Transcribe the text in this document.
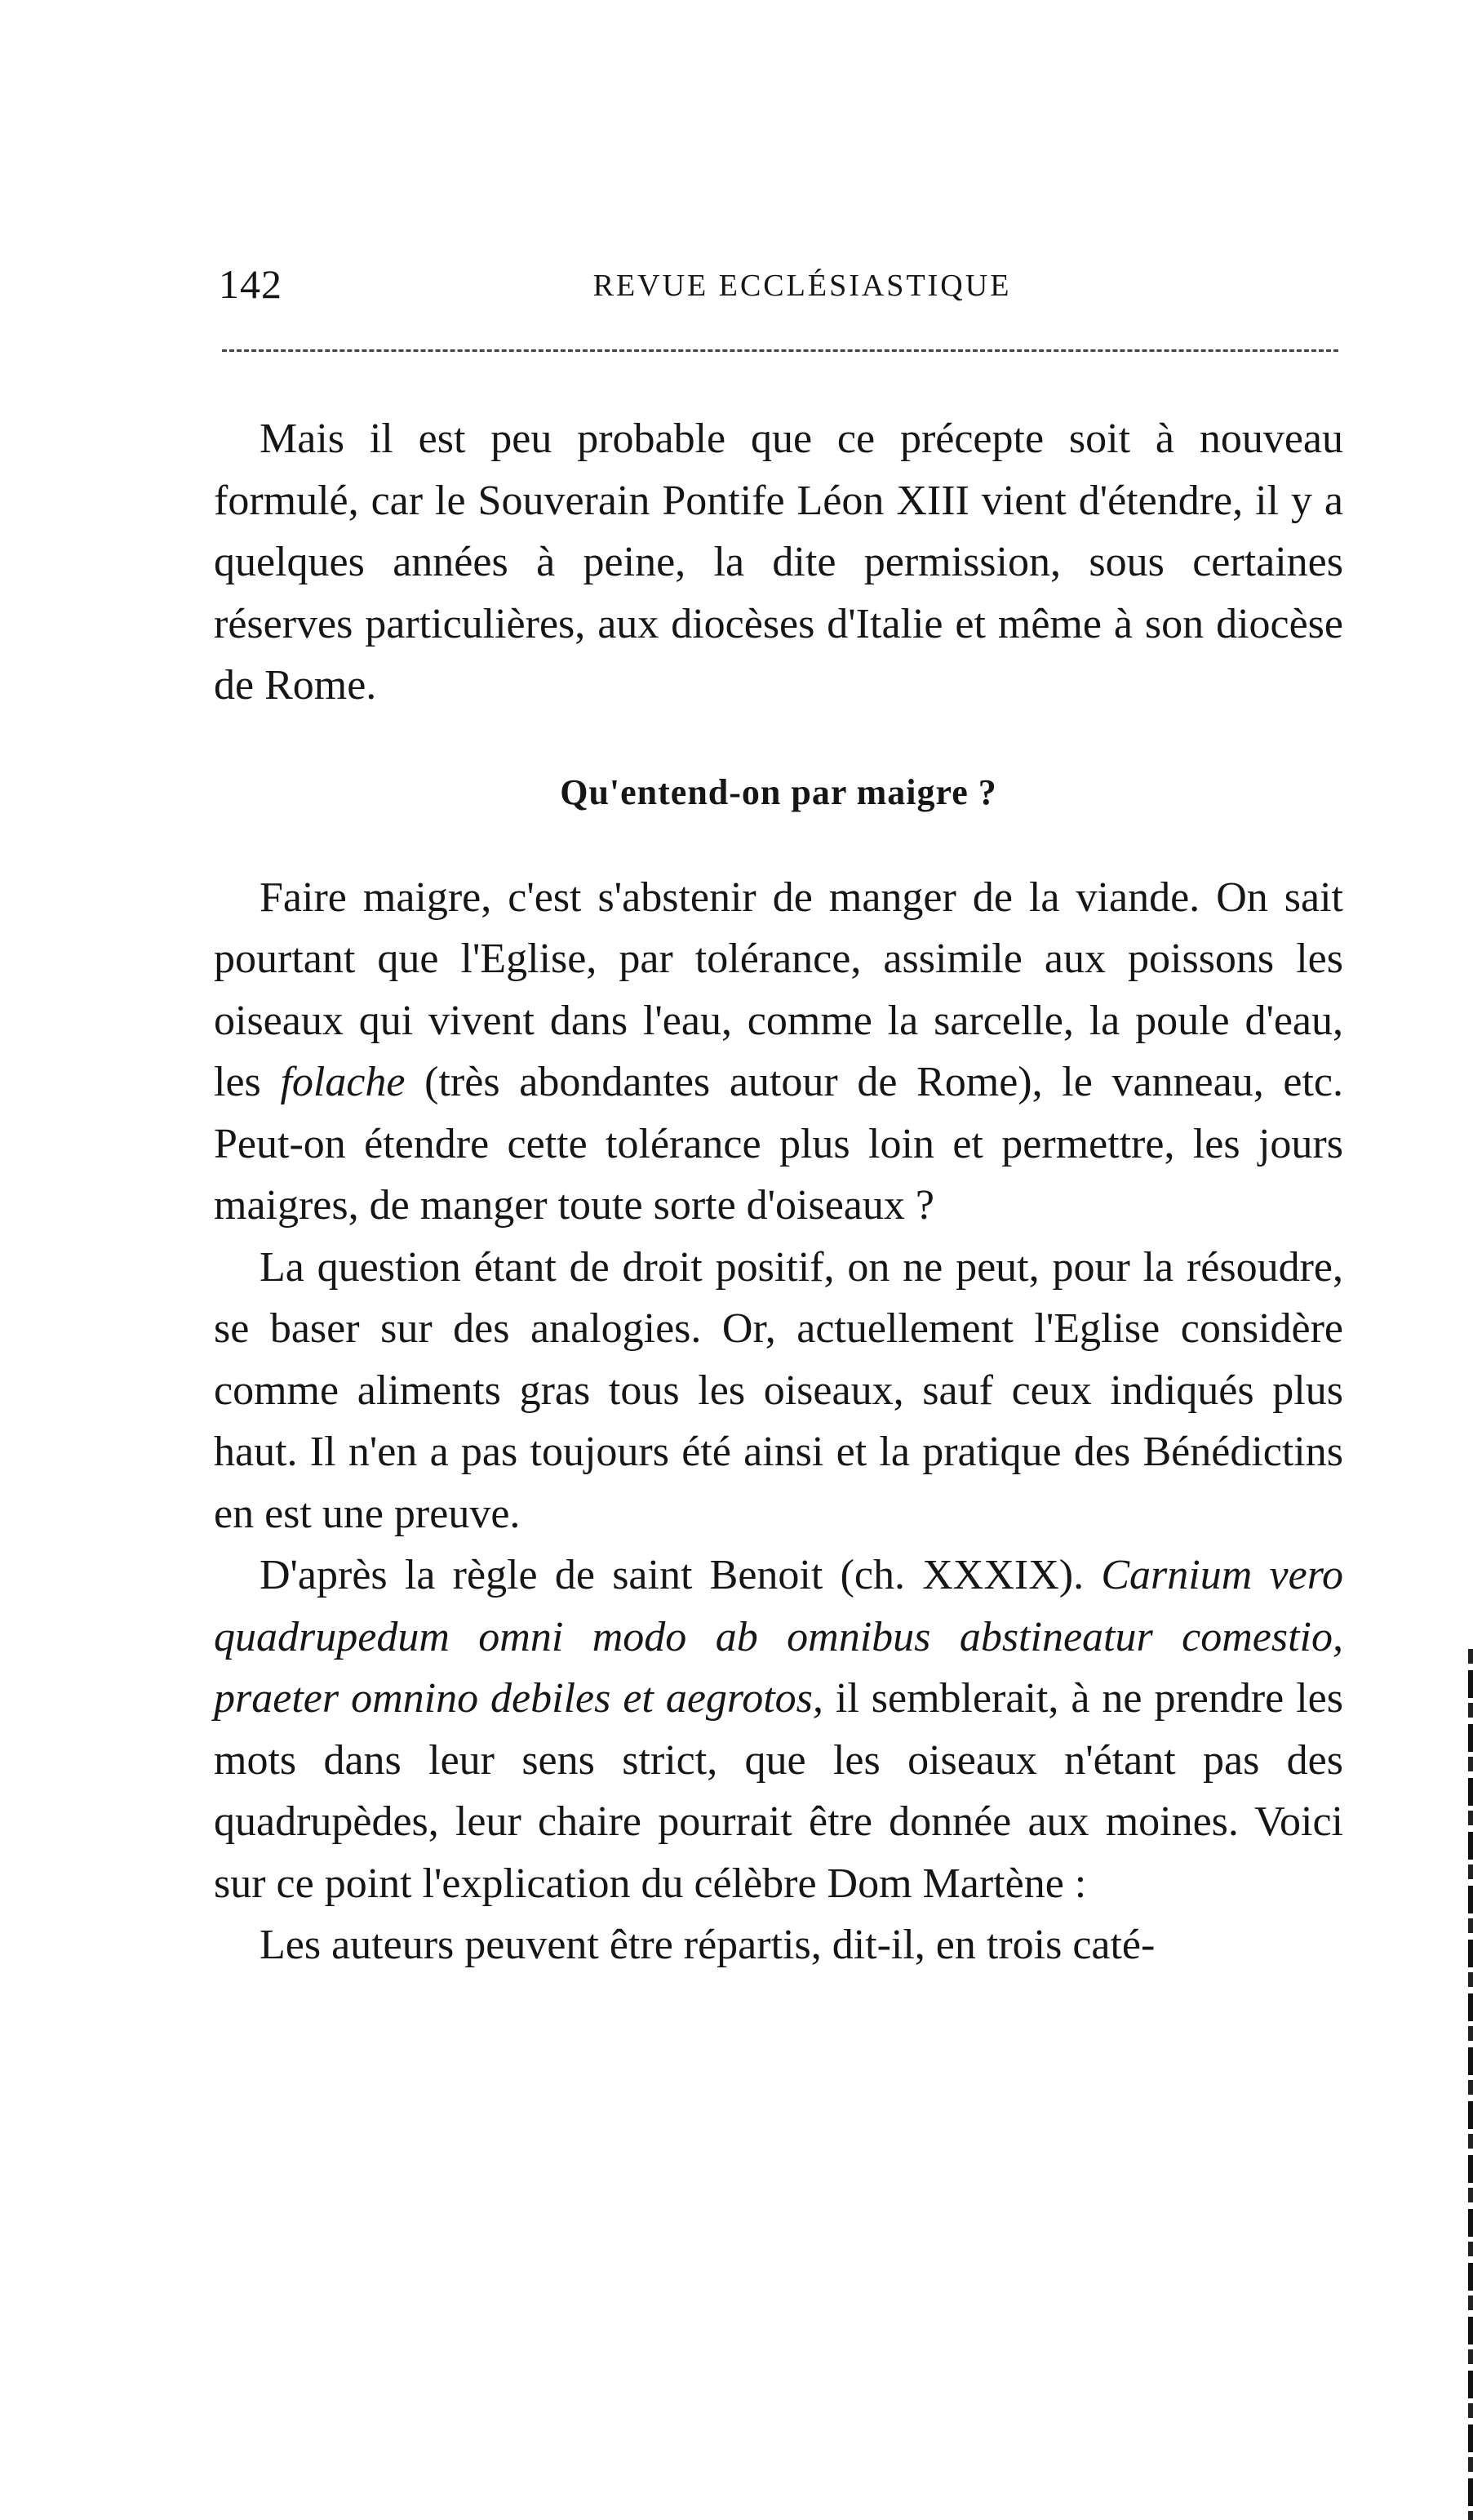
142	REVUE ECCLÉSIASTIQUE

Mais il est peu probable que ce précepte soit à nouveau formulé, car le Souverain Pontife Léon XIII vient d'étendre, il y a quelques années à peine, la dite permission, sous certaines réserves particulières, aux diocèses d'Italie et même à son diocèse de Rome.

Qu'entend-on par maigre ?

Faire maigre, c'est s'abstenir de manger de la viande. On sait pourtant que l'Eglise, par tolérance, assimile aux poissons les oiseaux qui vivent dans l'eau, comme la sarcelle, la poule d'eau, les folache (très abondantes autour de Rome), le vanneau, etc. Peut-on étendre cette tolérance plus loin et permettre, les jours maigres, de manger toute sorte d'oiseaux ?

La question étant de droit positif, on ne peut, pour la résoudre, se baser sur des analogies. Or, actuellement l'Eglise considère comme aliments gras tous les oiseaux, sauf ceux indiqués plus haut. Il n'en a pas toujours été ainsi et la pratique des Bénédictins en est une preuve.

D'après la règle de saint Benoit (ch. XXXIX). Carnium vero quadrupedum omni modo ab omnibus abstineatur comestio, praeter omnino debiles et aegrotos, il semblerait, à ne prendre les mots dans leur sens strict, que les oiseaux n'étant pas des quadrupèdes, leur chaire pourrait être donnée aux moines. Voici sur ce point l'explication du célèbre Dom Martène :

Les auteurs peuvent être répartis, dit-il, en trois caté-
